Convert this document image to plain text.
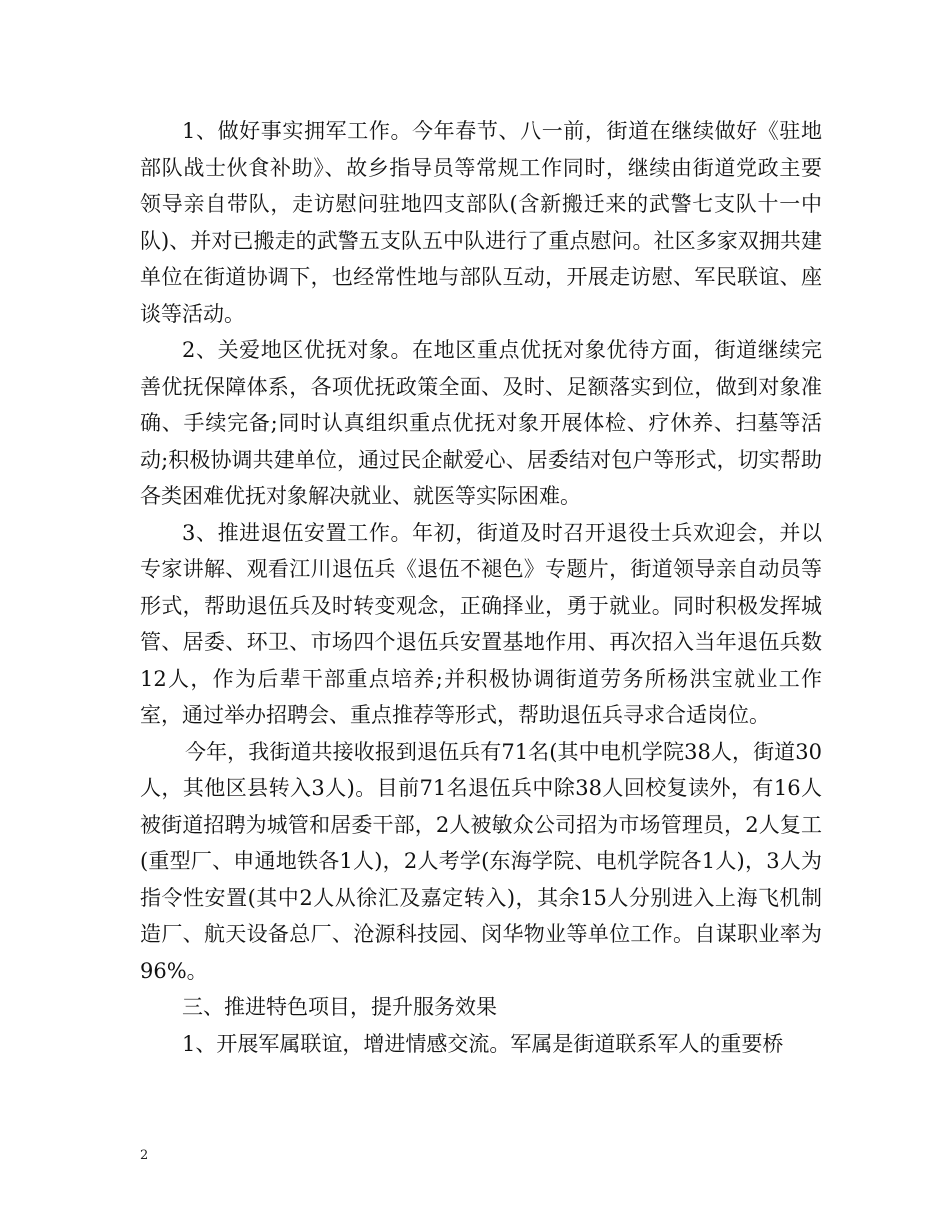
1、做好事实拥军工作。今年春节、八一前，街道在继续做好《驻地部队战士伙食补助》、故乡指导员等常规工作同时，继续由街道党政主要领导亲自带队，走访慰问驻地四支部队(含新搬迁来的武警七支队十一中队)、并对已搬走的武警五支队五中队进行了重点慰问。社区多家双拥共建单位在街道协调下，也经常性地与部队互动，开展走访慰、军民联谊、座谈等活动。

2、关爱地区优抚对象。在地区重点优抚对象优待方面，街道继续完善优抚保障体系，各项优抚政策全面、及时、足额落实到位，做到对象准确、手续完备;同时认真组织重点优抚对象开展体检、疗休养、扫墓等活动;积极协调共建单位，通过民企献爱心、居委结对包户等形式，切实帮助各类困难优抚对象解决就业、就医等实际困难。

3、推进退伍安置工作。年初，街道及时召开退役士兵欢迎会，并以专家讲解、观看江川退伍兵《退伍不褪色》专题片，街道领导亲自动员等形式，帮助退伍兵及时转变观念，正确择业，勇于就业。同时积极发挥城管、居委、环卫、市场四个退伍兵安置基地作用、再次招入当年退伍兵数12人，作为后辈干部重点培养;并积极协调街道劳务所杨洪宝就业工作室，通过举办招聘会、重点推荐等形式，帮助退伍兵寻求合适岗位。

今年，我街道共接收报到退伍兵有71名(其中电机学院38人，街道30人，其他区县转入3人)。目前71名退伍兵中除38人回校复读外，有16人被街道招聘为城管和居委干部，2人被敏众公司招为市场管理员，2人复工(重型厂、申通地铁各1人)，2人考学(东海学院、电机学院各1人)，3人为指令性安置(其中2人从徐汇及嘉定转入)，其余15人分别进入上海飞机制造厂、航天设备总厂、沧源科技园、闵华物业等单位工作。自谋职业率为96%。

三、推进特色项目，提升服务效果

1、开展军属联谊，增进情感交流。军属是街道联系军人的重要桥

2
